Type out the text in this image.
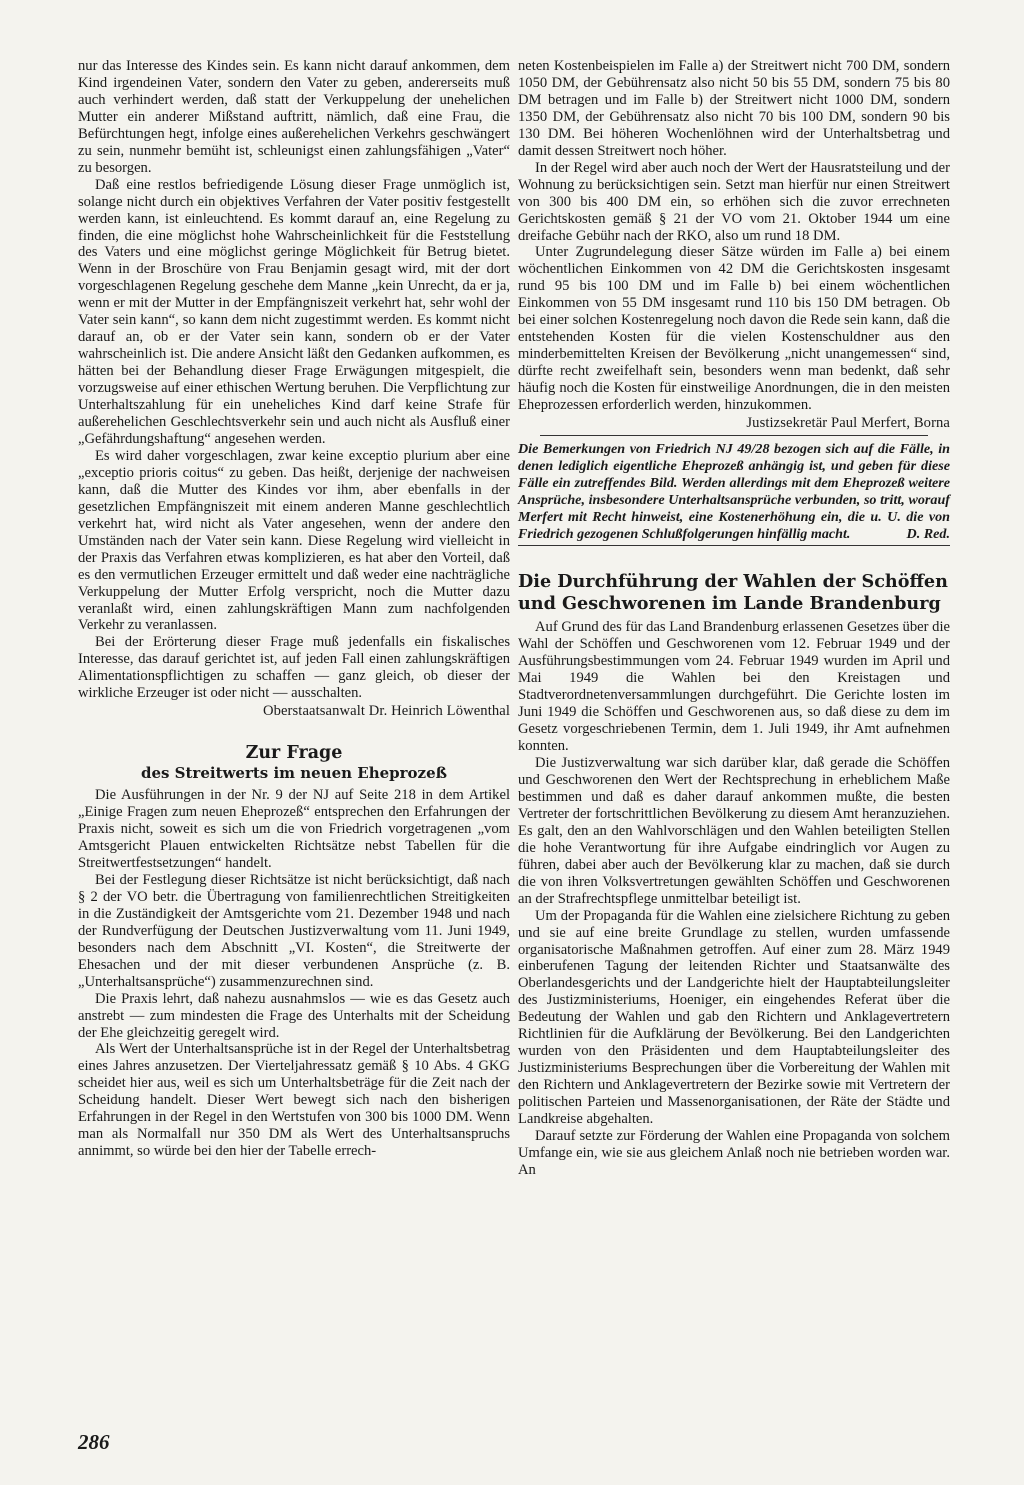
nur das Interesse des Kindes sein. Es kann nicht darauf ankommen, dem Kind irgendeinen Vater, sondern den Vater zu geben, andererseits muß auch verhindert werden, daß statt der Verkuppelung der unehelichen Mutter ein anderer Mißstand auftritt, nämlich, daß eine Frau, die Befürchtungen hegt, infolge eines außerehelichen Verkehrs geschwängert zu sein, nunmehr bemüht ist, schleunigst einen zahlungsfähigen „Vater“ zu besorgen.

Daß eine restlos befriedigende Lösung dieser Frage unmöglich ist, solange nicht durch ein objektives Verfahren der Vater positiv festgestellt werden kann, ist einleuchtend. Es kommt darauf an, eine Regelung zu finden, die eine möglichst hohe Wahrscheinlichkeit für die Feststellung des Vaters und eine möglichst geringe Möglichkeit für Betrug bietet. Wenn in der Broschüre von Frau Benjamin gesagt wird, mit der dort vorgeschlagenen Regelung geschehe dem Manne „kein Unrecht, da er ja, wenn er mit der Mutter in der Empfängniszeit verkehrt hat, sehr wohl der Vater sein kann“, so kann dem nicht zugestimmt werden. Es kommt nicht darauf an, ob er der Vater sein kann, sondern ob er der Vater wahrscheinlich ist. Die andere Ansicht läßt den Gedanken aufkommen, es hätten bei der Behandlung dieser Frage Erwägungen mitgespielt, die vorzugsweise auf einer ethischen Wertung beruhen. Die Verpflichtung zur Unterhaltszahlung für ein uneheliches Kind darf keine Strafe für außerehelichen Geschlechtsverkehr sein und auch nicht als Ausfluß einer „Gefährdungshaftung“ angesehen werden.

Es wird daher vorgeschlagen, zwar keine exceptio plurium aber eine „exceptio prioris coitus“ zu geben. Das heißt, derjenige der nachweisen kann, daß die Mutter des Kindes vor ihm, aber ebenfalls in der gesetzlichen Empfängniszeit mit einem anderen Manne geschlechtlich verkehrt hat, wird nicht als Vater angesehen, wenn der andere den Umständen nach der Vater sein kann. Diese Regelung wird vielleicht in der Praxis das Verfahren etwas komplizieren, es hat aber den Vorteil, daß es den vermutlichen Erzeuger ermittelt und daß weder eine nachträgliche Verkuppelung der Mutter Erfolg verspricht, noch die Mutter dazu veranlaßt wird, einen zahlungskräftigen Mann zum nachfolgenden Verkehr zu veranlassen.

Bei der Erörterung dieser Frage muß jedenfalls ein fiskalisches Interesse, das darauf gerichtet ist, auf jeden Fall einen zahlungskräftigen Alimentationspflichtigen zu schaffen — ganz gleich, ob dieser der wirkliche Erzeuger ist oder nicht — ausschalten.

Oberstaatsanwalt Dr. Heinrich Löwenthal
Zur Frage
des Streitwerts im neuen Eheprozeß

Die Ausführungen in der Nr. 9 der NJ auf Seite 218 in dem Artikel „Einige Fragen zum neuen Eheprozeß“ entsprechen den Erfahrungen der Praxis nicht, soweit es sich um die von Friedrich vorgetragenen „vom Amtsgericht Plauen entwickelten Richtsätze nebst Tabellen für die Streitwertfestsetzungen“ handelt.

Bei der Festlegung dieser Richtsätze ist nicht berücksichtigt, daß nach § 2 der VO betr. die Übertragung von familienrechtlichen Streitigkeiten in die Zuständigkeit der Amtsgerichte vom 21. Dezember 1948 und nach der Rundverfügung der Deutschen Justizverwaltung vom 11. Juni 1949, besonders nach dem Abschnitt „VI. Kosten“, die Streitwerte der Ehesachen und der mit dieser verbundenen Ansprüche (z. B. „Unterhaltsansprüche“) zusammenzurechnen sind.

Die Praxis lehrt, daß nahezu ausnahmslos — wie es das Gesetz auch anstrebt — zum mindesten die Frage des Unterhalts mit der Scheidung der Ehe gleichzeitig geregelt wird.

Als Wert der Unterhaltsansprüche ist in der Regel der Unterhaltsbetrag eines Jahres anzusetzen. Der Vierteljahressatz gemäß § 10 Abs. 4 GKG scheidet hier aus, weil es sich um Unterhaltsbeträge für die Zeit nach der Scheidung handelt. Dieser Wert bewegt sich nach den bisherigen Erfahrungen in der Regel in den Wertstufen von 300 bis 1000 DM. Wenn man als Normalfall nur 350 DM als Wert des Unterhaltsanspruchs annimmt, so würde bei den hier der Tabelle errech-

neten Kostenbeispielen im Falle a) der Streitwert nicht 700 DM, sondern 1050 DM, der Gebührensatz also nicht 50 bis 55 DM, sondern 75 bis 80 DM betragen und im Falle b) der Streitwert nicht 1000 DM, sondern 1350 DM, der Gebührensatz also nicht 70 bis 100 DM, sondern 90 bis 130 DM. Bei höheren Wochenlöhnen wird der Unterhaltsbetrag und damit dessen Streitwert noch höher.

In der Regel wird aber auch noch der Wert der Hausratsteilung und der Wohnung zu berücksichtigen sein. Setzt man hierfür nur einen Streitwert von 300 bis 400 DM ein, so erhöhen sich die zuvor errechneten Gerichtskosten gemäß § 21 der VO vom 21. Oktober 1944 um eine dreifache Gebühr nach der RKO, also um rund 18 DM.

Unter Zugrundelegung dieser Sätze würden im Falle a) bei einem wöchentlichen Einkommen von 42 DM die Gerichtskosten insgesamt rund 95 bis 100 DM und im Falle b) bei einem wöchentlichen Einkommen von 55 DM insgesamt rund 110 bis 150 DM betragen. Ob bei einer solchen Kostenregelung noch davon die Rede sein kann, daß die entstehenden Kosten für die vielen Kostenschuldner aus den minderbemittelten Kreisen der Bevölkerung „nicht unangemessen“ sind, dürfte recht zweifelhaft sein, besonders wenn man bedenkt, daß sehr häufig noch die Kosten für einstweilige Anordnungen, die in den meisten Eheprozessen erforderlich werden, hinzukommen.

Justizsekretär Paul Merfert, Borna
Die Bemerkungen von Friedrich NJ 49/28 bezogen sich auf die Fälle, in denen lediglich eigentliche Eheprozeß anhängig ist, und geben für diese Fälle ein zutreffendes Bild. Werden allerdings mit dem Eheprozeß weitere Ansprüche, insbesondere Unterhaltsansprüche verbunden, so tritt, worauf Merfert mit Recht hinweist, eine Kostenerhöhung ein, die u. U. die von Friedrich gezogenen Schlußfolgerungen hinfällig macht.	D. Red.
Die Durchführung der Wahlen der Schöffen und Geschworenen im Lande Brandenburg

Auf Grund des für das Land Brandenburg erlassenen Gesetzes über die Wahl der Schöffen und Geschworenen vom 12. Februar 1949 und der Ausführungsbestimmungen vom 24. Februar 1949 wurden im April und Mai 1949 die Wahlen bei den Kreistagen und Stadtverordnetenversammlungen durchgeführt. Die Gerichte losten im Juni 1949 die Schöffen und Geschworenen aus, so daß diese zu dem im Gesetz vorgeschriebenen Termin, dem 1. Juli 1949, ihr Amt aufnehmen konnten.

Die Justizverwaltung war sich darüber klar, daß gerade die Schöffen und Geschworenen den Wert der Rechtsprechung in erheblichem Maße bestimmen und daß es daher darauf ankommen mußte, die besten Vertreter der fortschrittlichen Bevölkerung zu diesem Amt heranzuziehen. Es galt, den an den Wahlvorschlägen und den Wahlen beteiligten Stellen die hohe Verantwortung für ihre Aufgabe eindringlich vor Augen zu führen, dabei aber auch der Bevölkerung klar zu machen, daß sie durch die von ihren Volksvertretungen gewählten Schöffen und Geschworenen an der Strafrechtspflege unmittelbar beteiligt ist.

Um der Propaganda für die Wahlen eine zielsichere Richtung zu geben und sie auf eine breite Grundlage zu stellen, wurden umfassende organisatorische Maßnahmen getroffen. Auf einer zum 28. März 1949 einberufenen Tagung der leitenden Richter und Staatsanwälte des Oberlandesgerichts und der Landgerichte hielt der Hauptabteilungsleiter des Justizministeriums, Hoeniger, ein eingehendes Referat über die Bedeutung der Wahlen und gab den Richtern und Anklagevertretern Richtlinien für die Aufklärung der Bevölkerung. Bei den Landgerichten wurden von den Präsidenten und dem Hauptabteilungsleiter des Justizministeriums Besprechungen über die Vorbereitung der Wahlen mit den Richtern und Anklagevertretern der Bezirke sowie mit Vertretern der politischen Parteien und Massenorganisationen, der Räte der Städte und Landkreise abgehalten.

Darauf setzte zur Förderung der Wahlen eine Propaganda von solchem Umfange ein, wie sie aus gleichem Anlaß noch nie betrieben worden war. An

286
